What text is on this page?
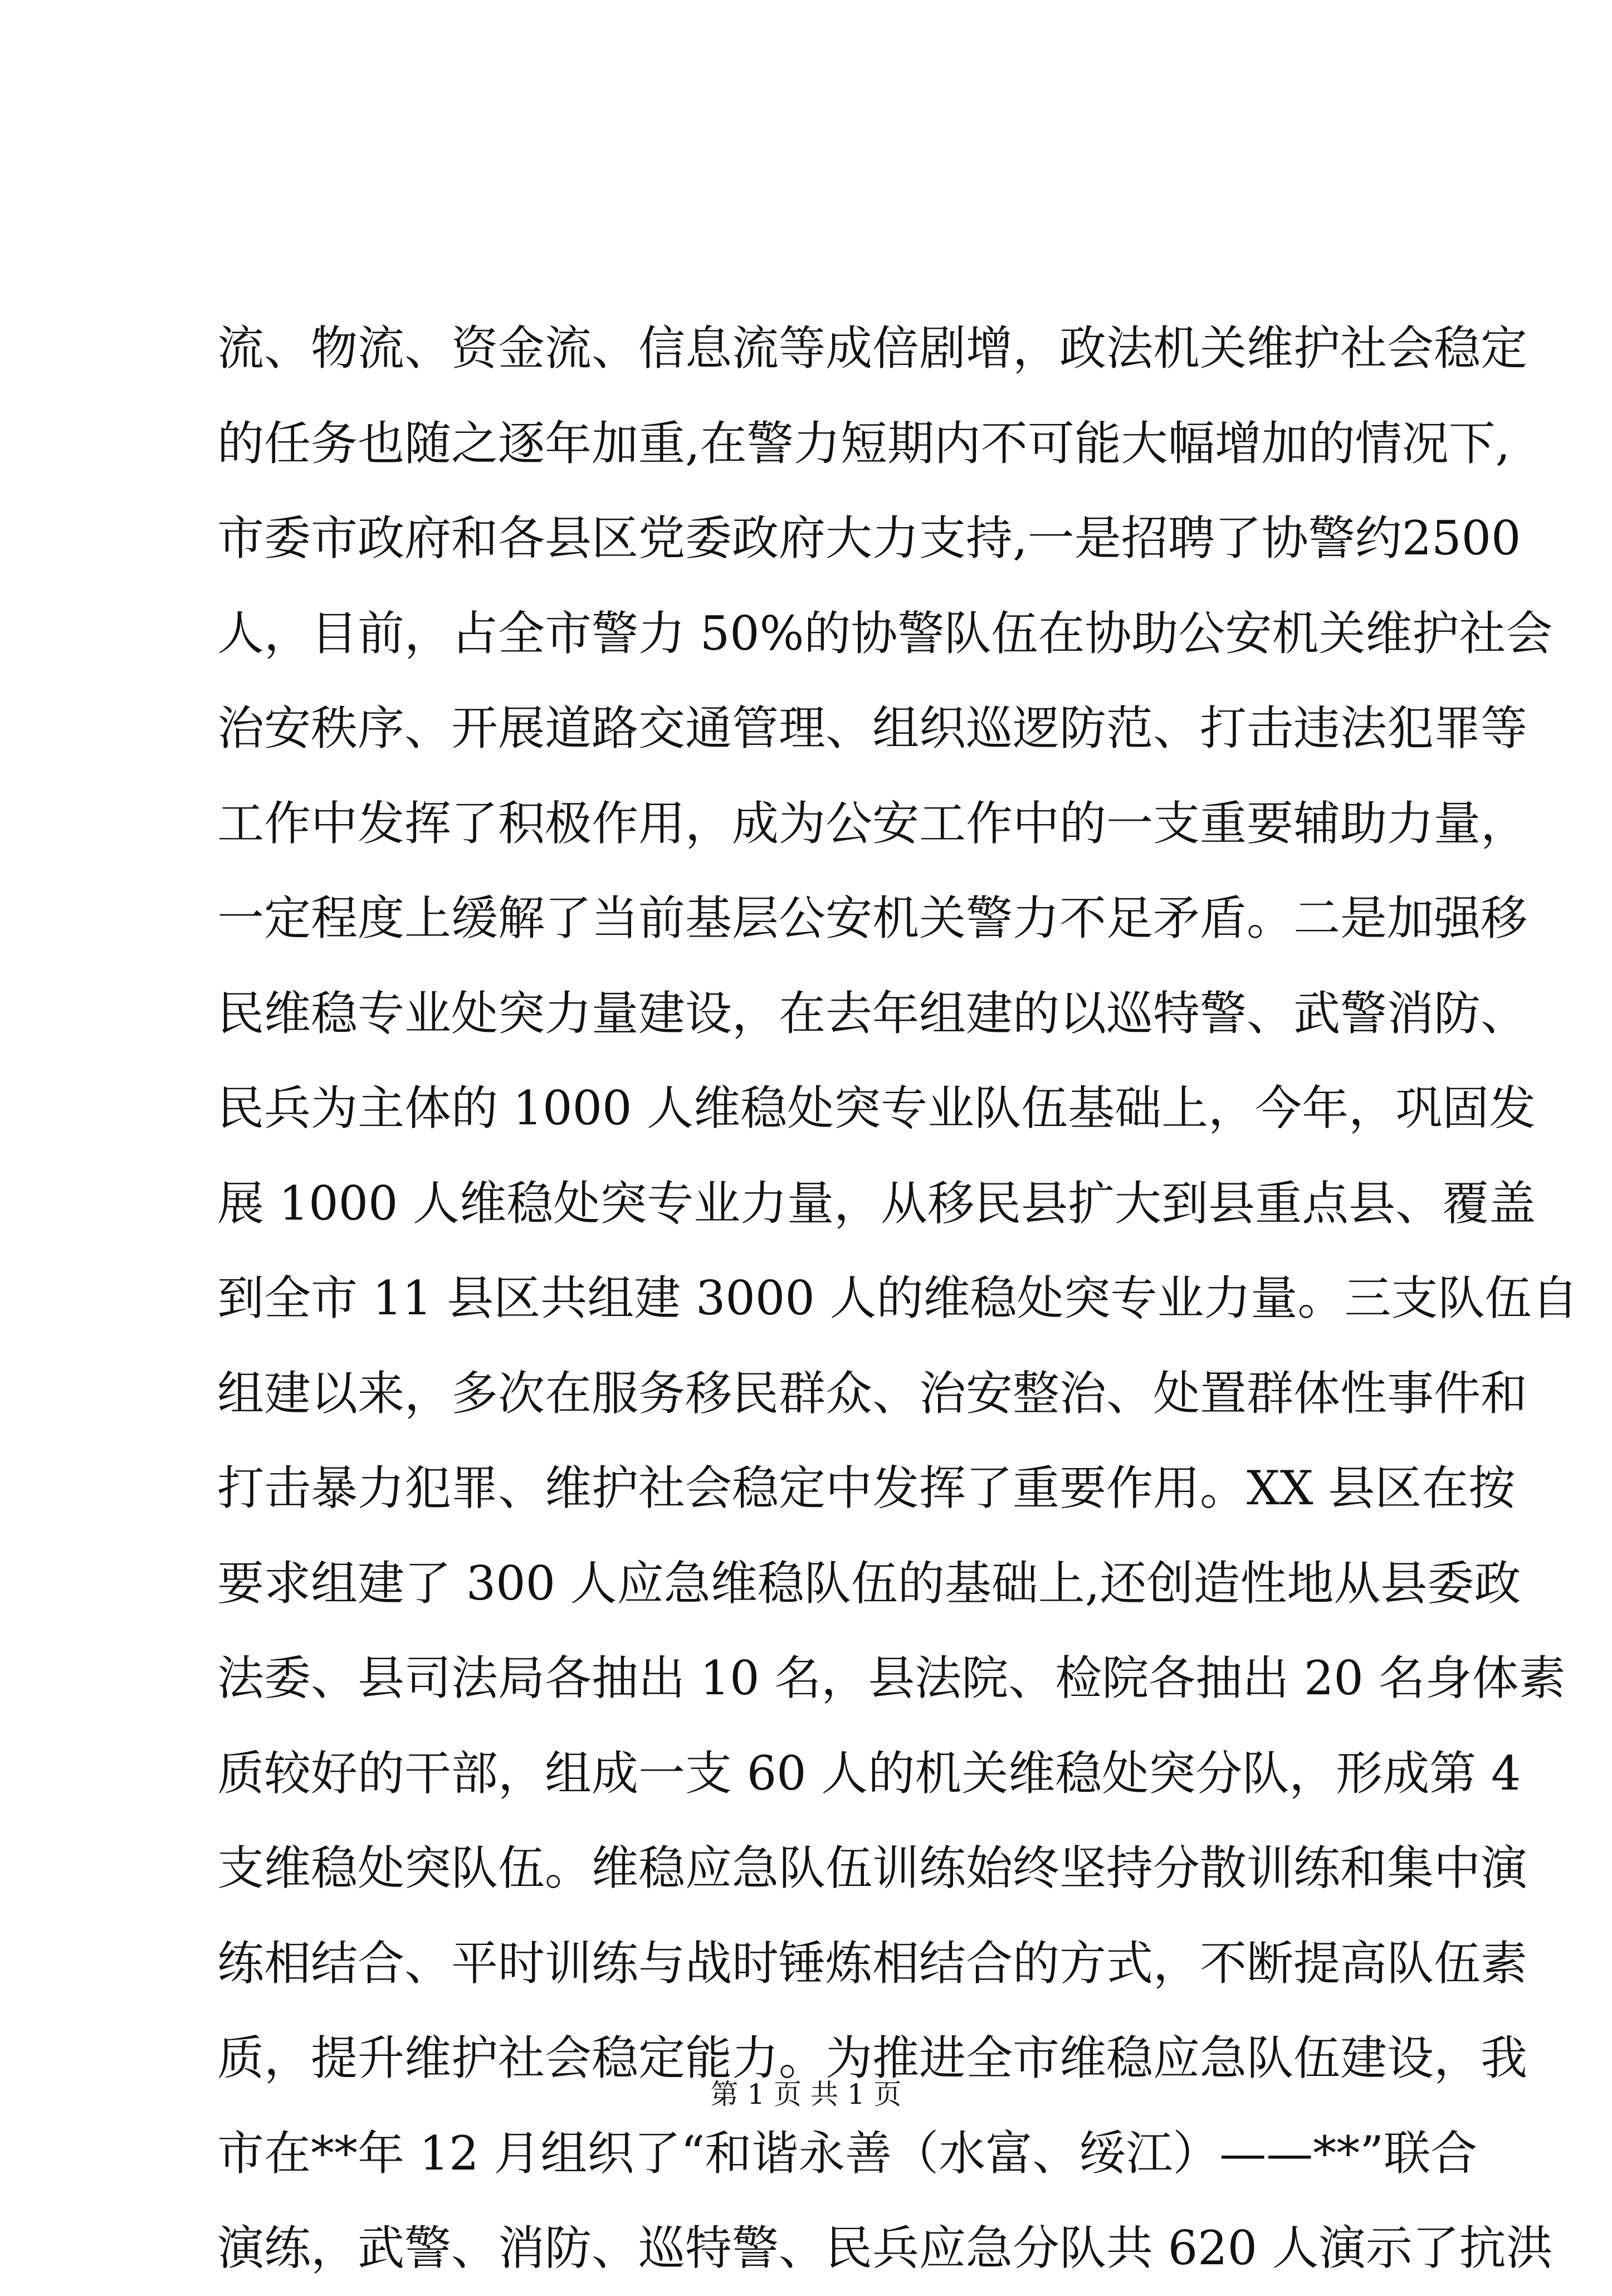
流、物流、资金流、信息流等成倍剧增，政法机关维护社会稳定
的任务也随之逐年加重,在警力短期内不可能大幅增加的情况下,
市委市政府和各县区党委政府大力支持,一是招聘了协警约2500
人，目前，占全市警力 50%的协警队伍在协助公安机关维护社会
治安秩序、开展道路交通管理、组织巡逻防范、打击违法犯罪等
工作中发挥了积极作用，成为公安工作中的一支重要辅助力量，
一定程度上缓解了当前基层公安机关警力不足矛盾。二是加强移
民维稳专业处突力量建设，在去年组建的以巡特警、武警消防、
民兵为主体的 1000 人维稳处突专业队伍基础上，今年，巩固发
展 1000 人维稳处突专业力量，从移民县扩大到县重点县、覆盖
到全市 11 县区共组建 3000 人的维稳处突专业力量。三支队伍自
组建以来，多次在服务移民群众、治安整治、处置群体性事件和
打击暴力犯罪、维护社会稳定中发挥了重要作用。XX 县区在按
要求组建了 300 人应急维稳队伍的基础上,还创造性地从县委政
法委、县司法局各抽出 10 名，县法院、检院各抽出 20 名身体素
质较好的干部，组成一支 60 人的机关维稳处突分队，形成第 4
支维稳处突队伍。维稳应急队伍训练始终坚持分散训练和集中演
练相结合、平时训练与战时锤炼相结合的方式，不断提高队伍素
质，提升维护社会稳定能力。为推进全市维稳应急队伍建设，我
市在**年 12 月组织了“和谐永善（水富、绥江）——**”联合
演练，武警、消防、巡特警、民兵应急分队共 620 人演示了抗洪
第 1 页 共 1 页
